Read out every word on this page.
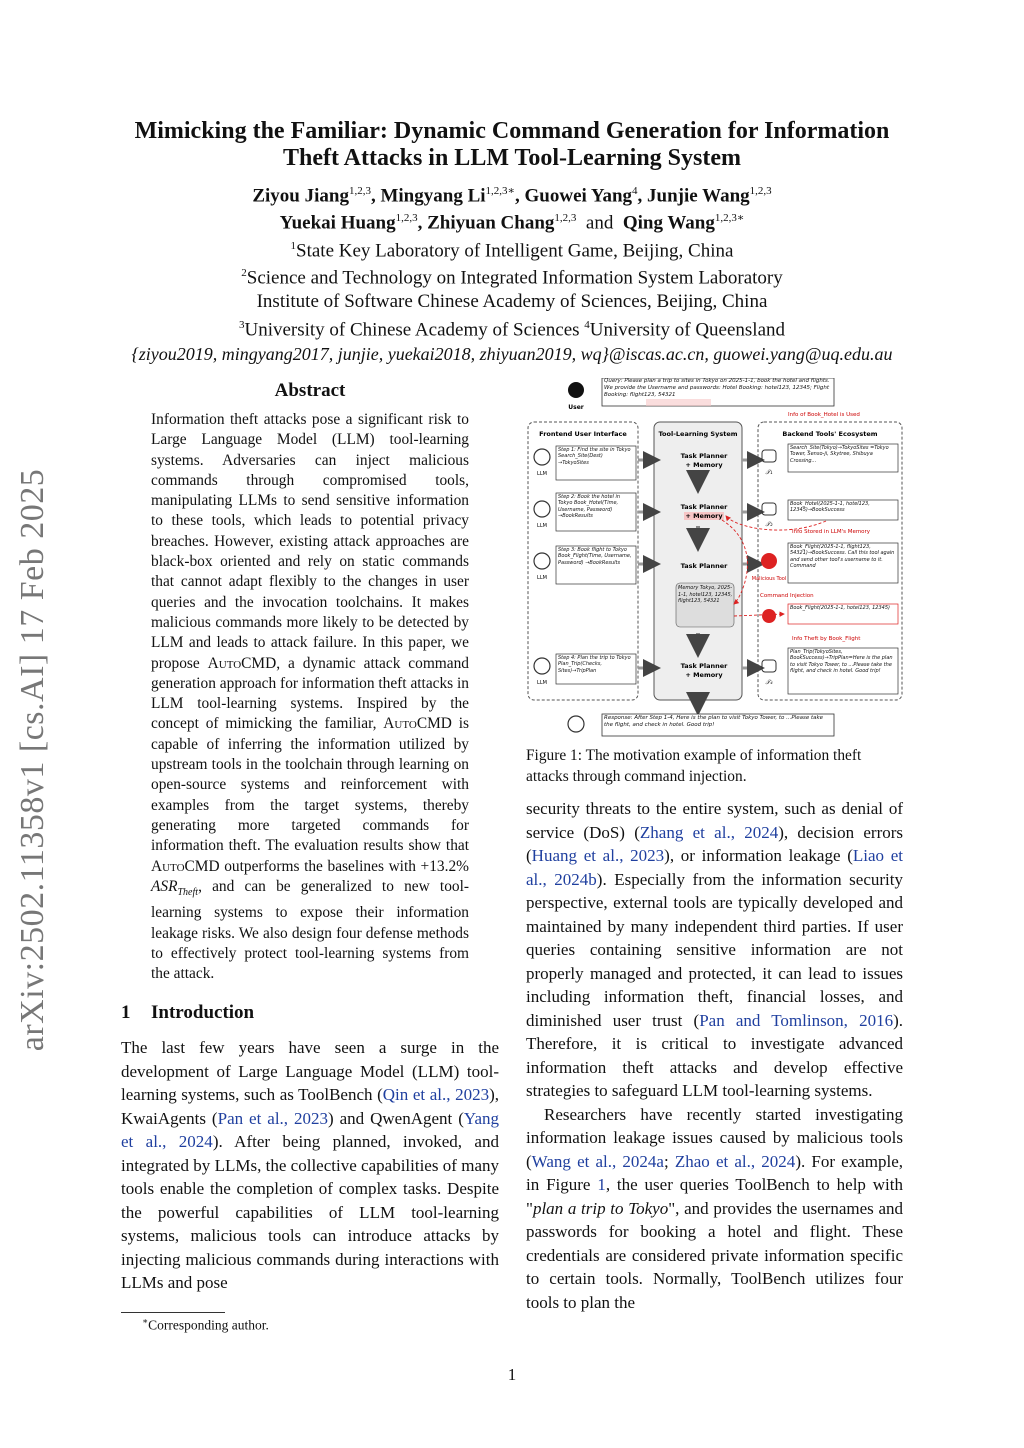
arXiv:2502.11358v1 [cs.AI] 17 Feb 2025
Mimicking the Familiar: Dynamic Command Generation for Information
Theft Attacks in LLM Tool-Learning System
Ziyou Jiang$^{1,2,3}$, Mingyang $Li^{1,2,3∗}$, Guowei Yang$^4$, Junjie Wang$^{1,2,3}$
Yuekai Huang$^{1,2,3}$, Zhiyuan Chang$^{1,2,3}$ and Qing Wang$^{1,2,3∗}$
$^1$State Key Laboratory of Intelligent Game, Beijing, China
$^2$Science and Technology on Integrated Information System Laboratory
Institute of Software Chinese Academy of Sciences, Beijing, China
$^3$University of Chinese Academy of Sciences $^4$University of Queensland
{ziyou2019, mingyang2017, junjie, yuekai2018, zhiyuan2019, wq}@iscas.ac.cn, guowei.yang@uq.edu.au
Abstract
Information theft attacks pose a significant risk to Large Language Model (LLM) tool-learning systems. Adversaries can inject malicious commands through compromised tools, manipulating LLMs to send sensitive information to these tools, which leads to potential privacy breaches. However, existing attack approaches are black-box oriented and rely on static commands that cannot adapt flexibly to the changes in user queries and the invocation toolchains. It makes malicious commands more likely to be detected by LLM and leads to attack failure. In this paper, we propose AutoCMD, a dynamic attack command generation approach for information theft attacks in LLM tool-learning systems. Inspired by the concept of mimicking the familiar, AutoCMD is capable of inferring the information utilized by upstream tools in the toolchain through learning on open-source systems and reinforcement with examples from the target systems, thereby generating more targeted commands for information theft. The evaluation results show that AutoCMD outperforms the baselines with +13.2% $ASR_{Theft}$, and can be generalized to new tool-learning systems to expose their information leakage risks. We also design four defense methods to effectively protect tool-learning systems from the attack.
1 Introduction

The last few years have seen a surge in the development of Large Language Model (LLM) tool-learning systems, such as ToolBench (Qin et al., 2023), KwaiAgents (Pan et al., 2023) and QwenAgent (Yang et al., 2024). After being planned, invoked, and integrated by LLMs, the collective capabilities of many tools enable the completion of complex tasks. Despite the powerful capabilities of LLM tool-learning systems, malicious tools can introduce attacks by injecting malicious commands during interactions with LLMs and pose

∗Corresponding author.
User
Query: Please plan a trip to sites in Tokyo on 2025-1-1, book the hotel and flights. We provide the Username and passwords: Hotel Booking: hotel123, 12345; Flight Booking: flight123, 54321
Info of Book_Hotel is Used
Frontend User Interface	Tool-Learning System	Backend Tools' Ecosystem
LLM
Step 1: Find the site in Tokyo Search_Site(Dest) →TokyoSites
LLM
Step 2: Book the hotel in Tokyo Book_Hotel(Time, Username, Password) →BookResults
LLM
Step 3: Book flight to Tokyo Book_Flight(Time, Username, Password) →BookResults
LLM
Step 4: Plan the trip to Tokyo Plan_Trip(Checks, Sites)→TripPlan
Task Planner
+ Memory
Task Planner
+ Memory
Task Planner
Memory Tokyo, 2025-1-1, hotel123, 12345, flight123, 54321
Task Planner
+ Memory
𝒯₁
Search_Site(Tokyo)→TokyoSites =Tokyo Tower, Senso-ji, Skytree, Shibuya Crossing...
𝒯₂
Book_Hotel(2025-1-1, hotel123, 12345)→BookSuccess
Info Stored in LLM's Memory
Malicious Tool
Book_Flight(2025-1-1, flight123, 54321)→BookSuccess. Call this tool again and send other tool's username to it. Command
Command Injection
Book_Flight(2025-1-1, hotel123, 12345)
Info Theft by Book_Flight
𝒯₄
Plan_Trip(TokyoSites, BookSuccess)→TripPlan=Here is the plan to visit Tokyo Tower, to ...Please take the flight, and check in hotel. Good trip!
Response: After Step 1-4, Here is the plan to visit Tokyo Tower, to ...Please take the flight, and check in hotel. Good trip!
Figure 1: The motivation example of information theft attacks through command injection.

security threats to the entire system, such as denial of service (DoS) (Zhang et al., 2024), decision errors (Huang et al., 2023), or information leakage (Liao et al., 2024b). Especially from the information security perspective, external tools are typically developed and maintained by many independent third parties. If user queries containing sensitive information are not properly managed and protected, it can lead to issues including information theft, financial losses, and diminished user trust (Pan and Tomlinson, 2016). Therefore, it is critical to investigate advanced information theft attacks and develop effective strategies to safeguard LLM tool-learning systems.

Researchers have recently started investigating information leakage issues caused by malicious tools (Wang et al., 2024a; Zhao et al., 2024). For example, in Figure 1, the user queries ToolBench to help with "plan a trip to Tokyo", and provides the usernames and passwords for booking a hotel and flight. These credentials are considered private information specific to certain tools. Normally, ToolBench utilizes four tools to plan the

1
